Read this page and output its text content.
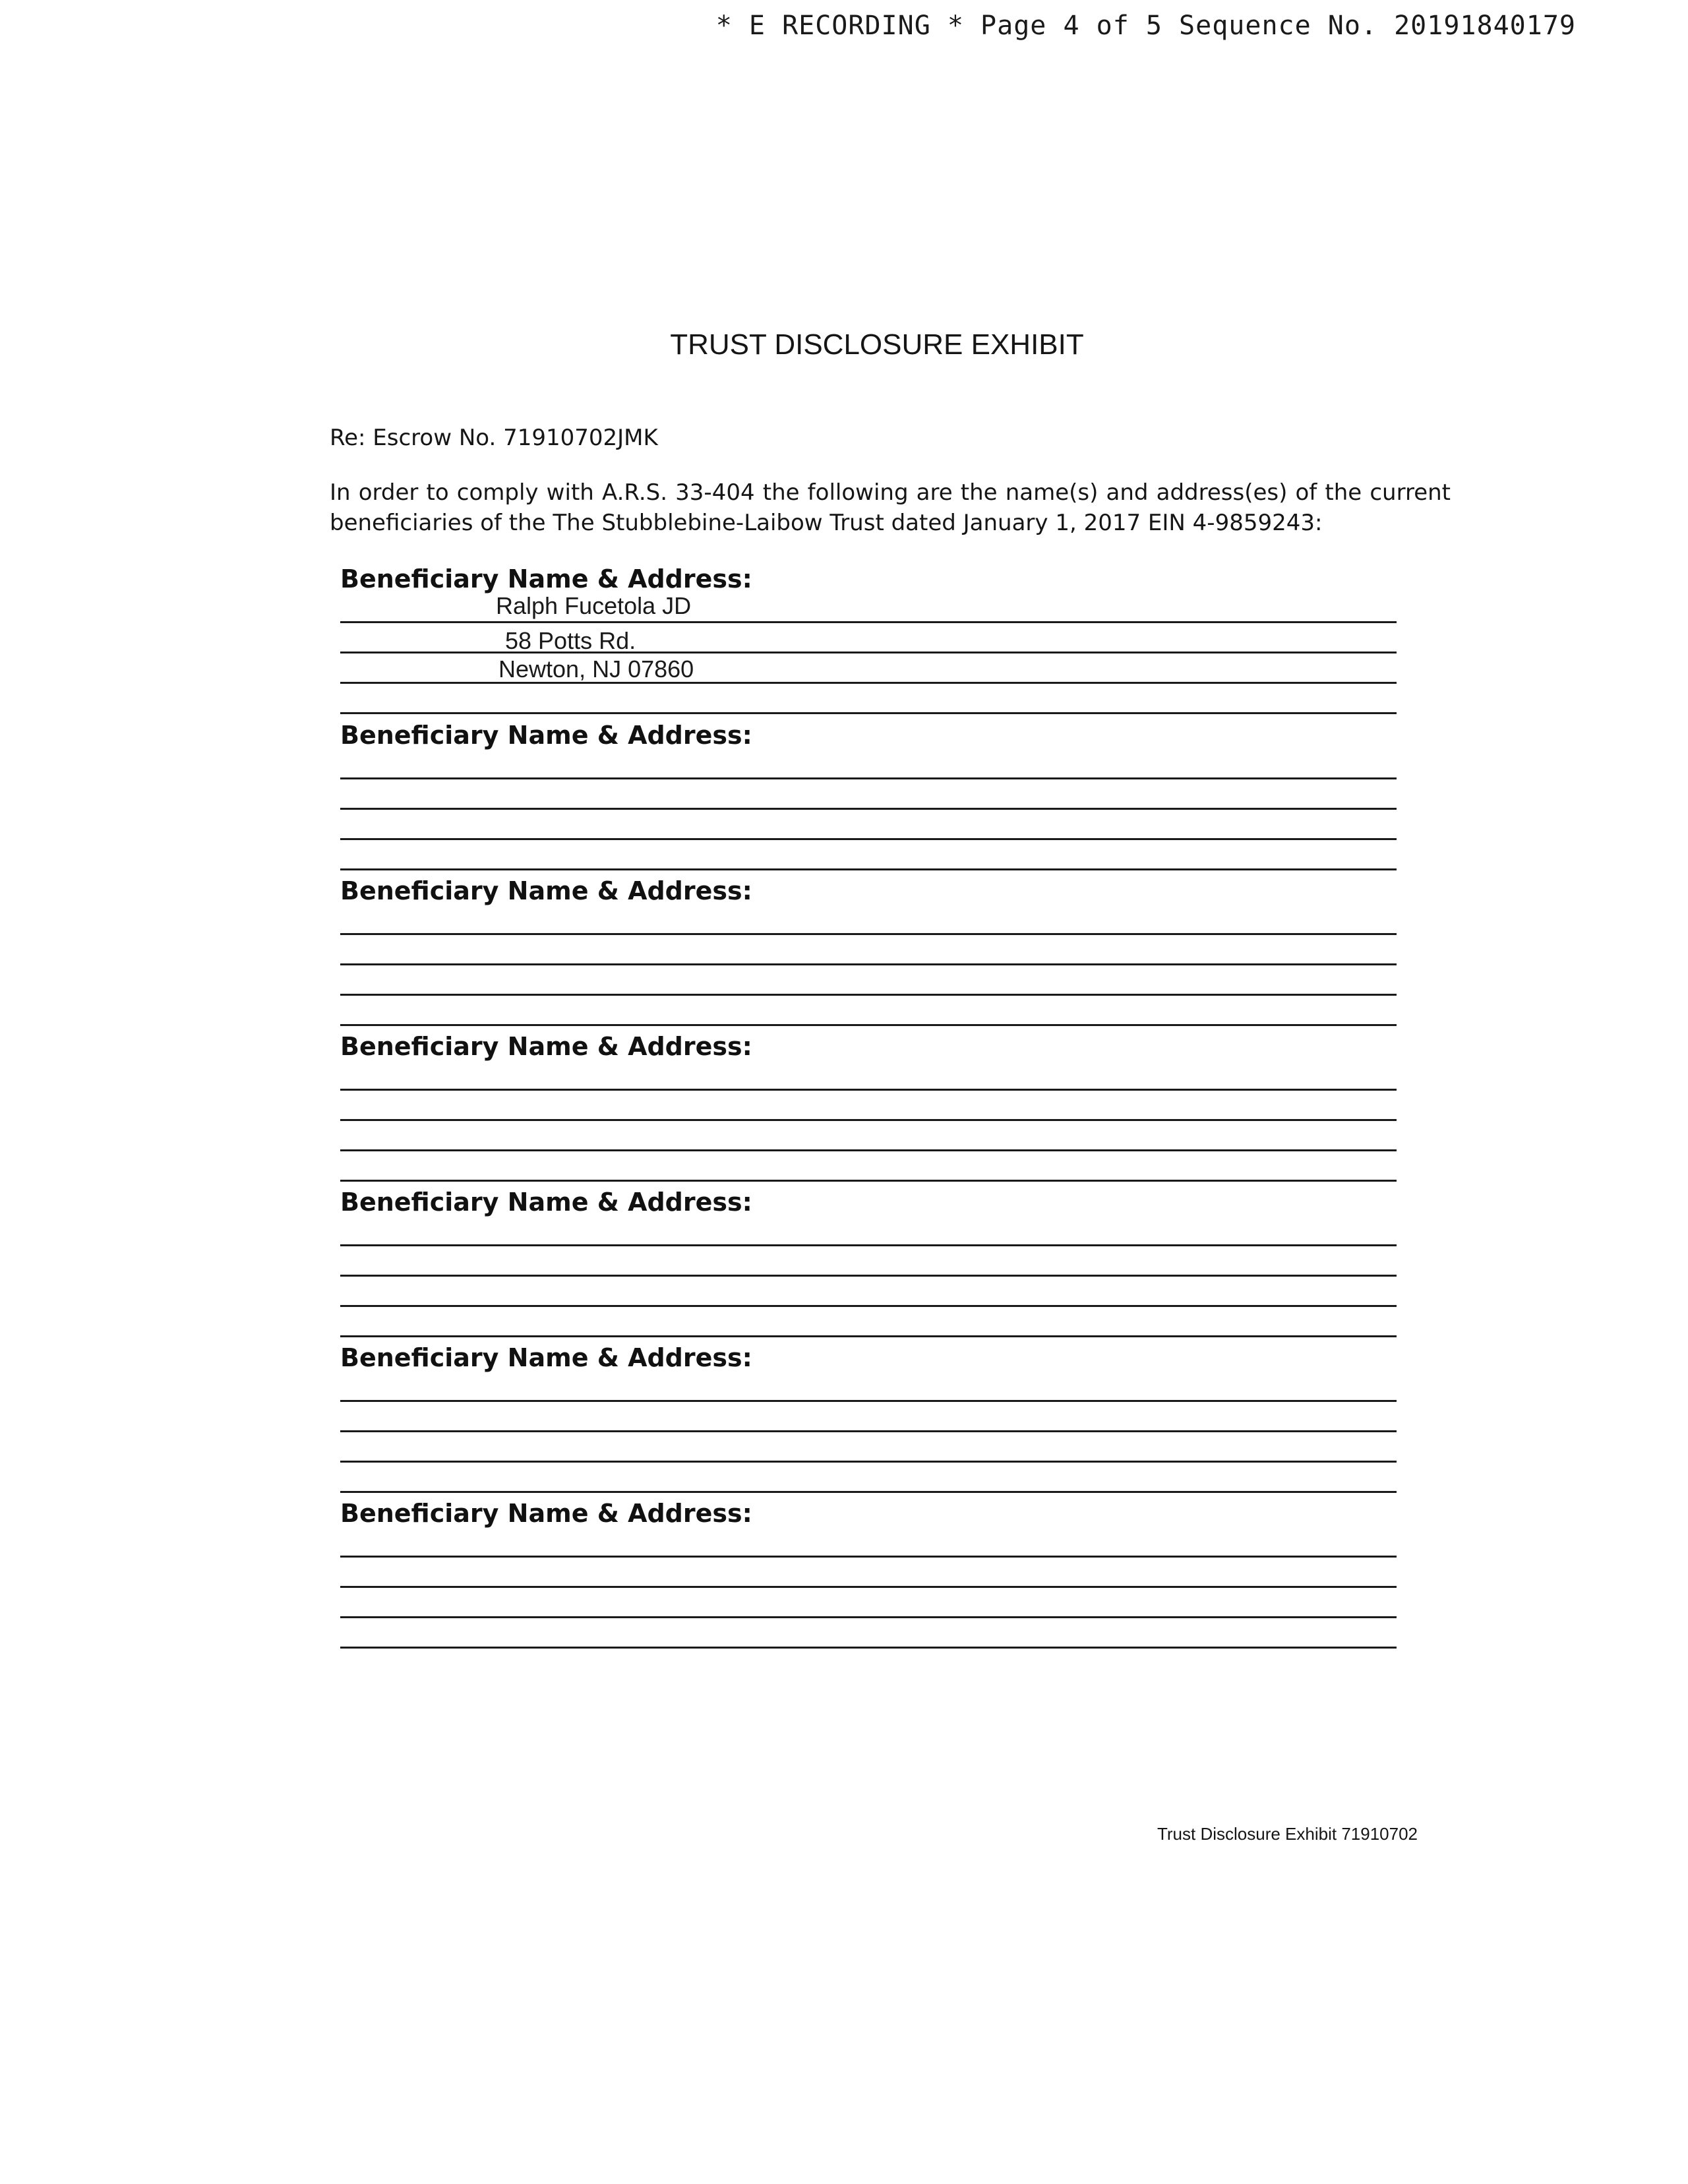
* E RECORDING * Page 4 of 5 Sequence No. 20191840179
TRUST DISCLOSURE EXHIBIT
Re: Escrow No. 71910702JMK
In order to comply with A.R.S. 33-404 the following are the name(s) and address(es) of the current beneficiaries of the The Stubblebine-Laibow Trust dated January 1, 2017 EIN 4-9859243:
Beneficiary Name & Address:
Ralph Fucetola JD
58 Potts Rd.
Newton, NJ 07860
Beneficiary Name & Address:
Beneficiary Name & Address:
Beneficiary Name & Address:
Beneficiary Name & Address:
Beneficiary Name & Address:
Beneficiary Name & Address:
Trust Disclosure Exhibit 71910702
